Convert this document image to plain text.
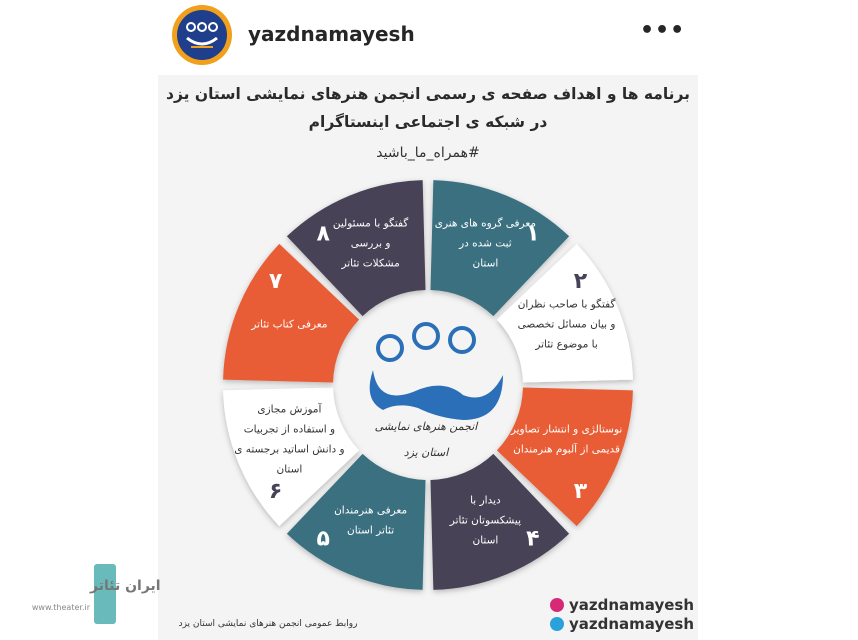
yazdnamayesh	•••
برنامه ها و اهداف صفحه ی رسمی انجمن هنرهای نمایشی استان یزد
در شبکه ی اجتماعی اینستاگرام
#همراه_ما_باشید
معرفی گروه های هنری
ثبت شده در
استان
۱
گفتگو با صاحب نظران
و بیان مسائل تخصصی
با موضوع تئاتر
۲
نوستالژی و انتشار تصاویر
قدیمی از آلبوم هنرمندان
۳
دیدار با
پیشکسوتان تئاتر
استان ۴
معرفی هنرمندان
تئاتر استان
۵
آموزش مجازی
و استفاده از تجربیات
و دانش اساتید برجسته ی
استان
۶
معرفی کتاب تئاتر
۷
گفتگو با مسئولین
و بررسی
مشکلات تئاتر
۸
انجمن هنرهای نمایشی
استان یزد
yazdnamayesh
yazdnamayesh
روابط عمومی انجمن هنرهای نمایشی استان یزد
ایران تئاتر
www.theater.ir
